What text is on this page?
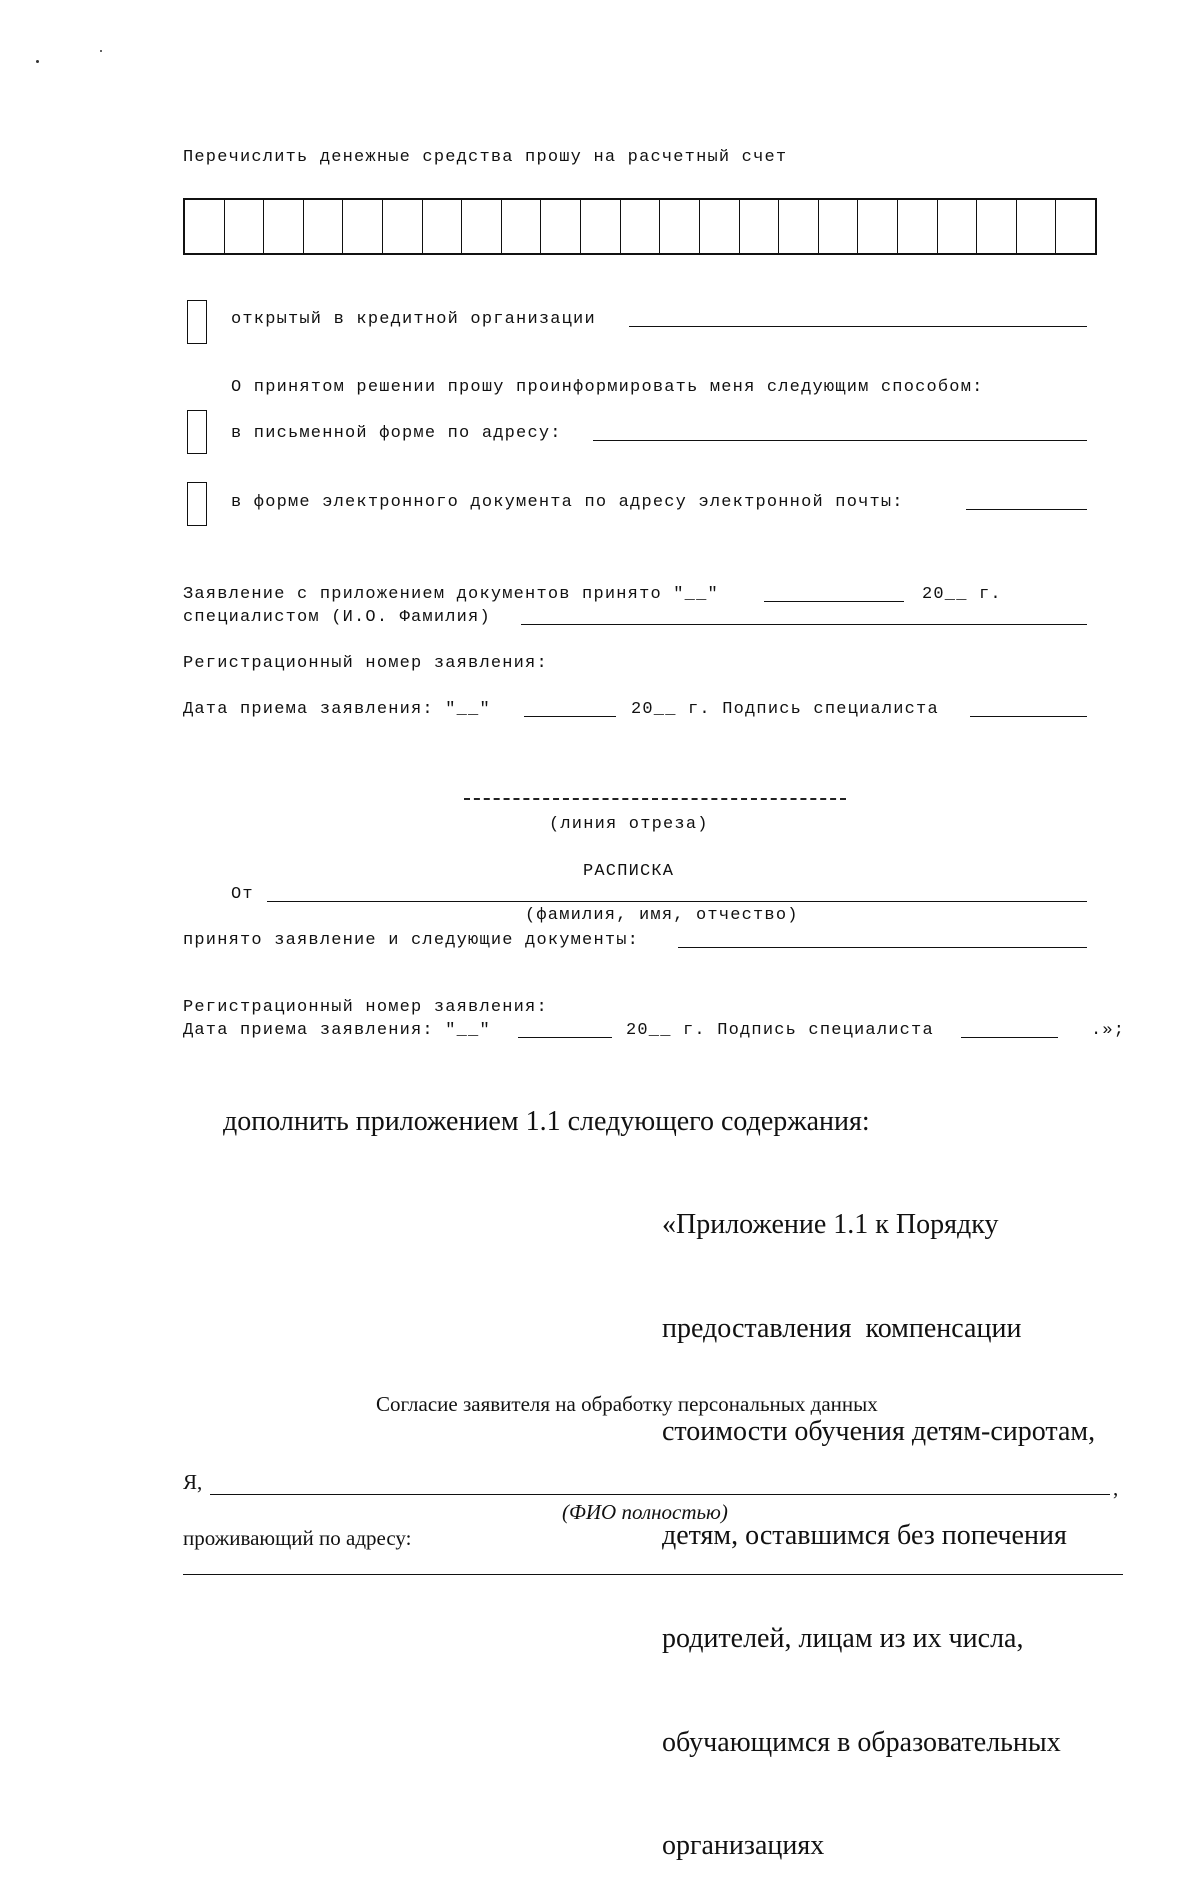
Перечислить денежные средства прошу на расчетный счет
открытый в кредитной организации
О принятом решении прошу проинформировать меня следующим способом:
в письменной форме по адресу:
в форме электронного документа по адресу электронной почты:
Заявление с приложением документов принято "__"	20__ г.
специалистом (И.О. Фамилия)
Регистрационный номер заявления:
Дата приема заявления: "__"	20__ г. Подпись специалиста
(линия отреза)
РАСПИСКА
От
(фамилия, имя, отчество)
принято заявление и следующие документы:
Регистрационный номер заявления:
Дата приема заявления: "__"	20__ г. Подпись специалиста	.»;
дополнить приложением 1.1 следующего содержания:

«Приложение 1.1 к Порядку

предоставления  компенсации

стоимости обучения детям-сиротам,

детям, оставшимся без попечения

родителей, лицам из их числа,

обучающимся в образовательных

организациях

Согласие заявителя на обработку персональных данных
Я,	,
(ФИО полностью)
проживающий по адресу:
